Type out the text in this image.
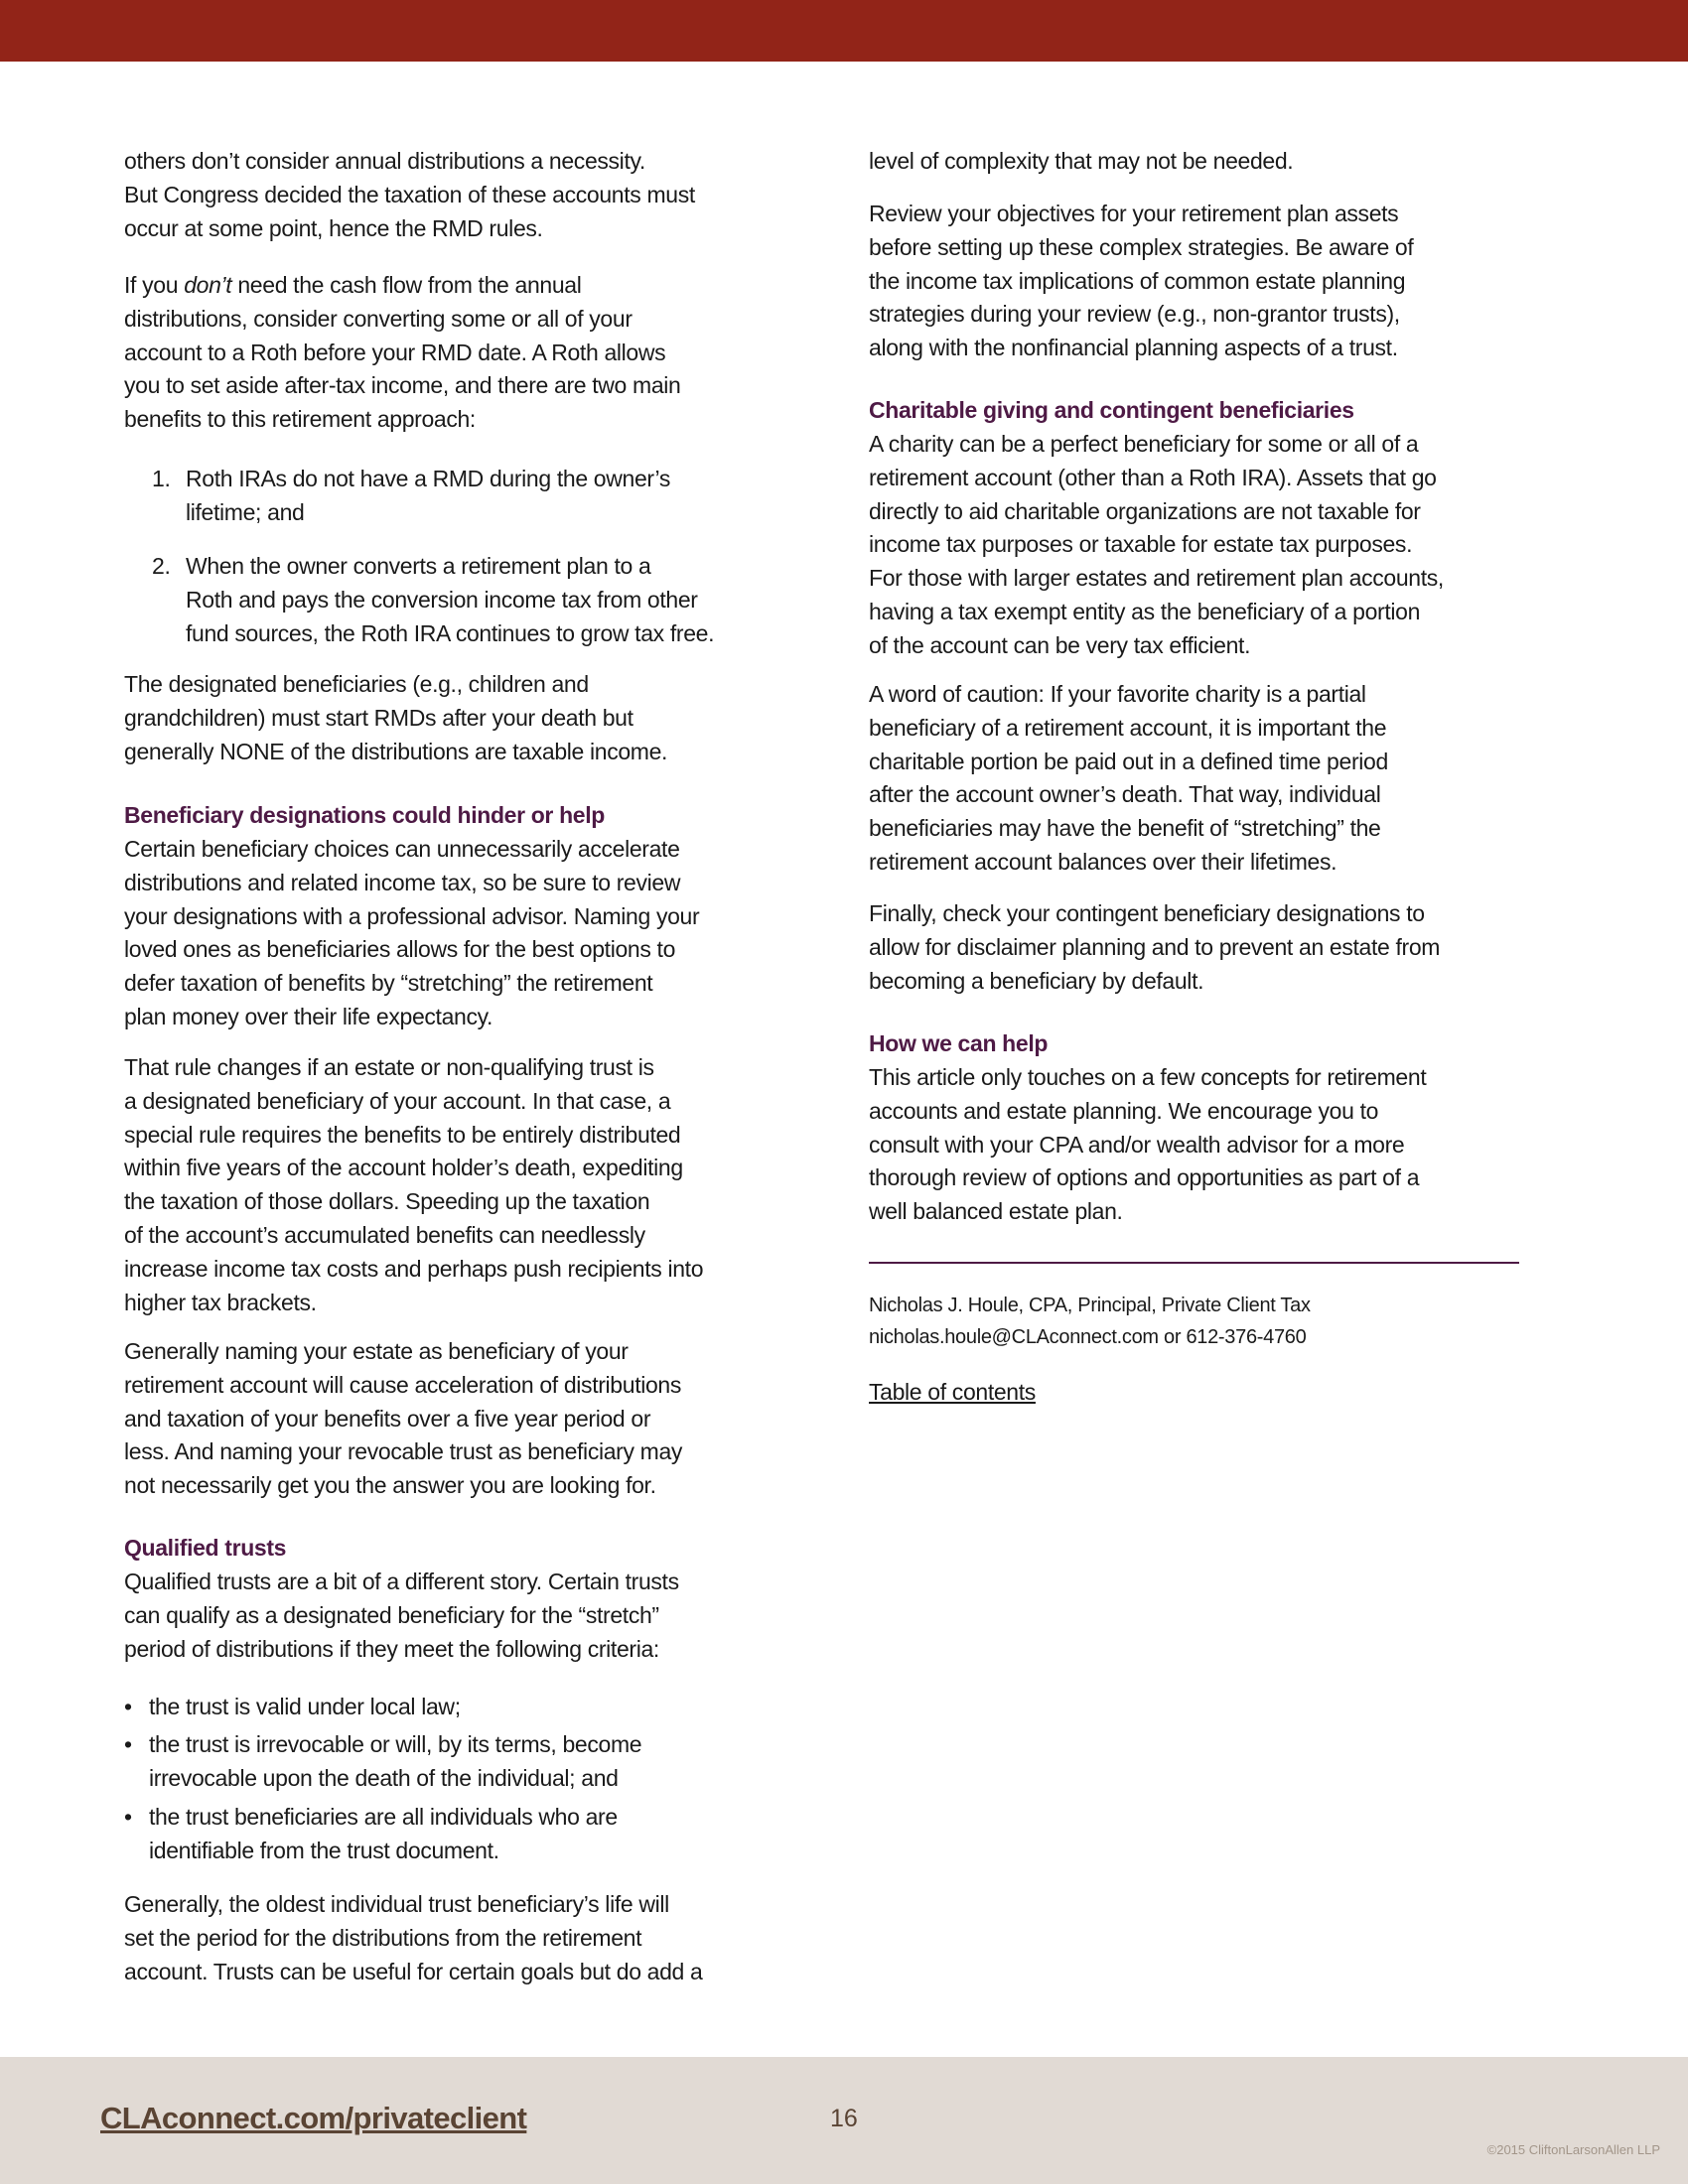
others don’t consider annual distributions a necessity.
But Congress decided the taxation of these accounts must
occur at some point, hence the RMD rules.

If you don’t need the cash flow from the annual
distributions, consider converting some or all of your
account to a Roth before your RMD date. A Roth allows
you to set aside after-tax income, and there are two main
benefits to this retirement approach:

1. Roth IRAs do not have a RMD during the owner’s
lifetime; and
2. When the owner converts a retirement plan to a
Roth and pays the conversion income tax from other
fund sources, the Roth IRA continues to grow tax free.

The designated beneficiaries (e.g., children and
grandchildren) must start RMDs after your death but
generally NONE of the distributions are taxable income.

Beneficiary designations could hinder or help

Certain beneficiary choices can unnecessarily accelerate
distributions and related income tax, so be sure to review
your designations with a professional advisor. Naming your
loved ones as beneficiaries allows for the best options to
defer taxation of benefits by “stretching” the retirement
plan money over their life expectancy.

That rule changes if an estate or non-qualifying trust is
a designated beneficiary of your account. In that case, a
special rule requires the benefits to be entirely distributed
within five years of the account holder’s death, expediting
the taxation of those dollars. Speeding up the taxation
of the account’s accumulated benefits can needlessly
increase income tax costs and perhaps push recipients into
higher tax brackets.

Generally naming your estate as beneficiary of your
retirement account will cause acceleration of distributions
and taxation of your benefits over a five year period or
less. And naming your revocable trust as beneficiary may
not necessarily get you the answer you are looking for.

Qualified trusts

Qualified trusts are a bit of a different story. Certain trusts
can qualify as a designated beneficiary for the “stretch”
period of distributions if they meet the following criteria:

• the trust is valid under local law;
• the trust is irrevocable or will, by its terms, become
irrevocable upon the death of the individual; and
• the trust beneficiaries are all individuals who are
identifiable from the trust document.

Generally, the oldest individual trust beneficiary’s life will
set the period for the distributions from the retirement
account. Trusts can be useful for certain goals but do add a

level of complexity that may not be needed.

Review your objectives for your retirement plan assets
before setting up these complex strategies. Be aware of
the income tax implications of common estate planning
strategies during your review (e.g., non-grantor trusts),
along with the nonfinancial planning aspects of a trust.

Charitable giving and contingent beneficiaries

A charity can be a perfect beneficiary for some or all of a
retirement account (other than a Roth IRA). Assets that go
directly to aid charitable organizations are not taxable for
income tax purposes or taxable for estate tax purposes.
For those with larger estates and retirement plan accounts,
having a tax exempt entity as the beneficiary of a portion
of the account can be very tax efficient.

A word of caution: If your favorite charity is a partial
beneficiary of a retirement account, it is important the
charitable portion be paid out in a defined time period
after the account owner’s death. That way, individual
beneficiaries may have the benefit of “stretching” the
retirement account balances over their lifetimes.

Finally, check your contingent beneficiary designations to
allow for disclaimer planning and to prevent an estate from
becoming a beneficiary by default.

How we can help

This article only touches on a few concepts for retirement
accounts and estate planning. We encourage you to
consult with your CPA and/or wealth advisor for a more
thorough review of options and opportunities as part of a
well balanced estate plan.

Nicholas J. Houle, CPA, Principal, Private Client Tax
nicholas.houle@CLAconnect.com or 612-376-4760
Table of contents
CLAconnect.com/privateclient	16
©2015 CliftonLarsonAllen LLP
